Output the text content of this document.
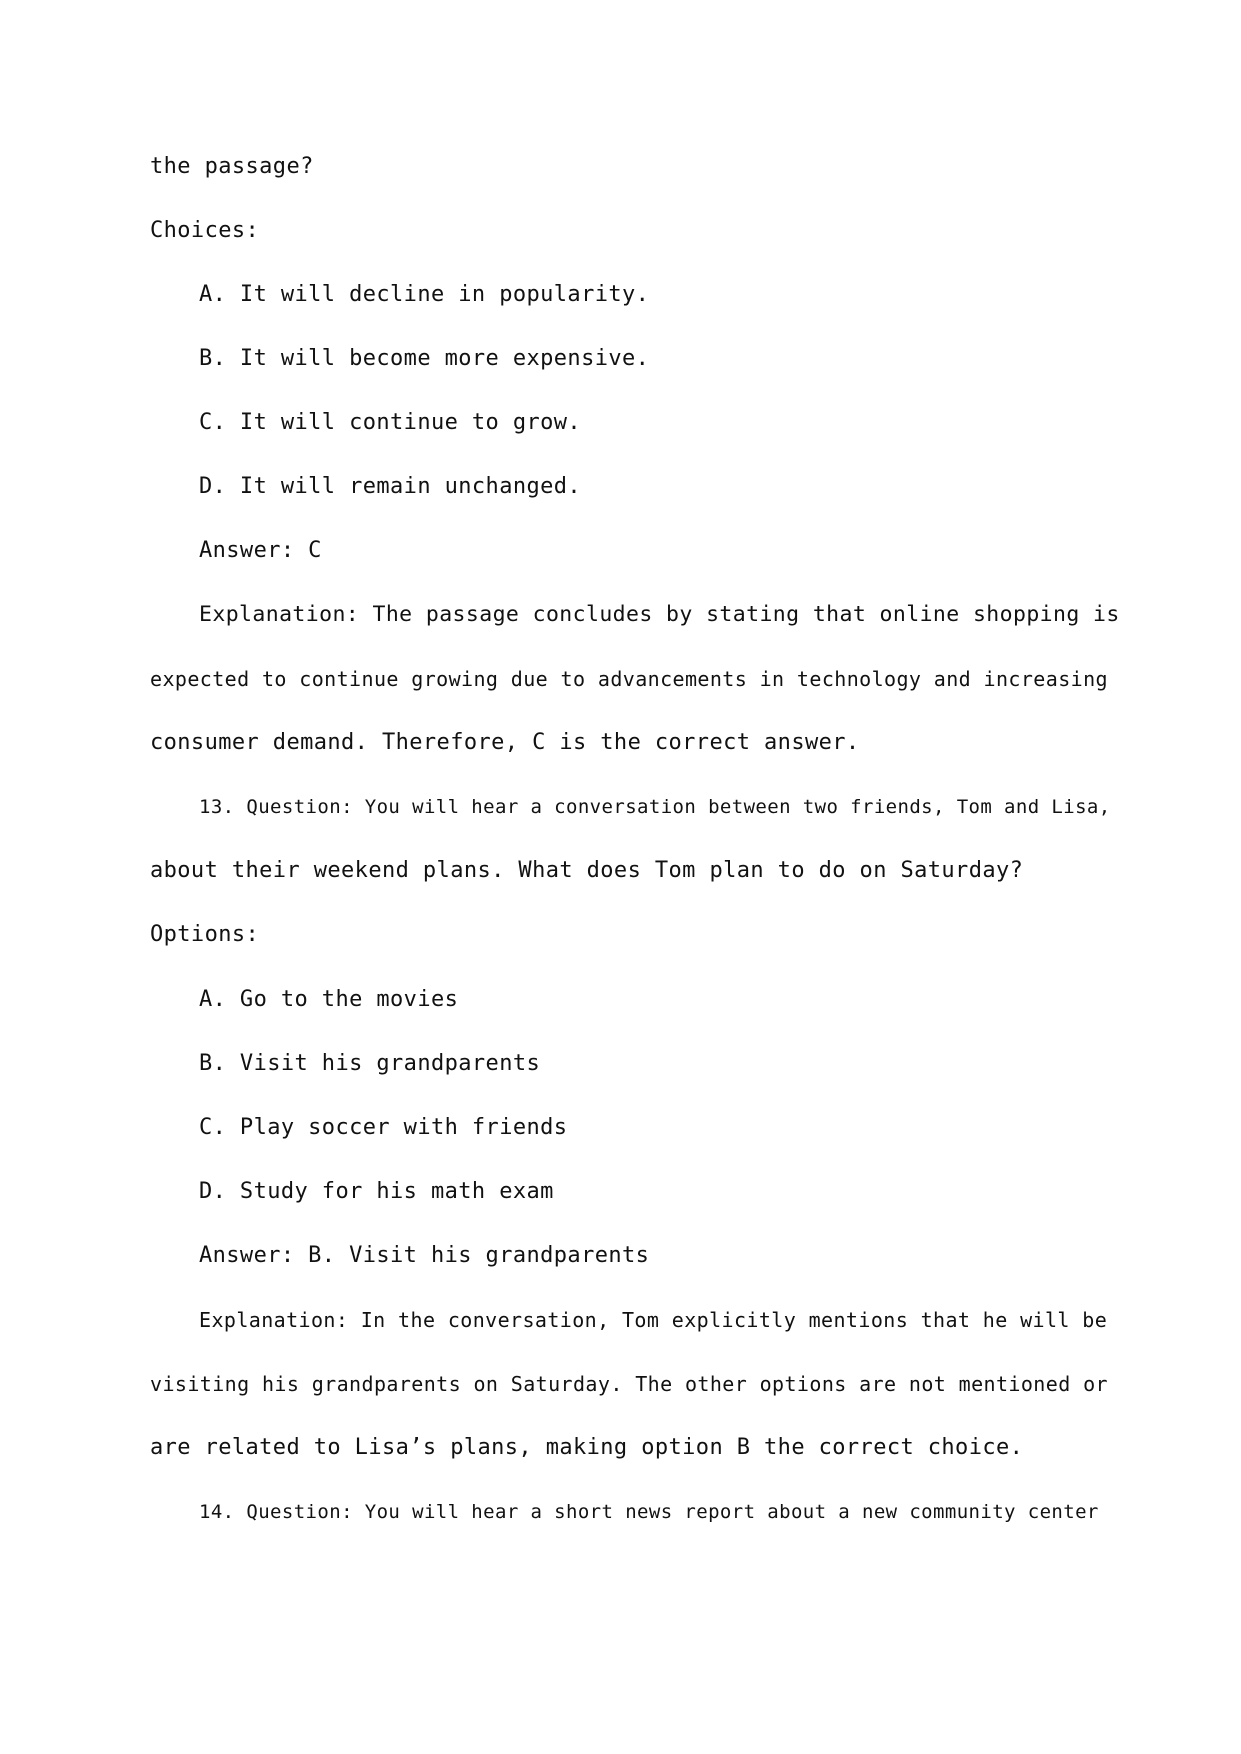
the passage?

Choices:

A. It will decline in popularity.

B. It will become more expensive.

C. It will continue to grow.

D. It will remain unchanged.

Answer: C

Explanation: The passage concludes by stating that online shopping is

expected to continue growing due to advancements in technology and increasing

consumer demand. Therefore, C is the correct answer.

13. Question: You will hear a conversation between two friends, Tom and Lisa,

about their weekend plans. What does Tom plan to do on Saturday?

Options:

A. Go to the movies

B. Visit his grandparents

C. Play soccer with friends

D. Study for his math exam

Answer: B. Visit his grandparents

Explanation: In the conversation, Tom explicitly mentions that he will be

visiting his grandparents on Saturday. The other options are not mentioned or

are related to Lisa’s plans, making option B the correct choice.

14. Question: You will hear a short news report about a new community center
